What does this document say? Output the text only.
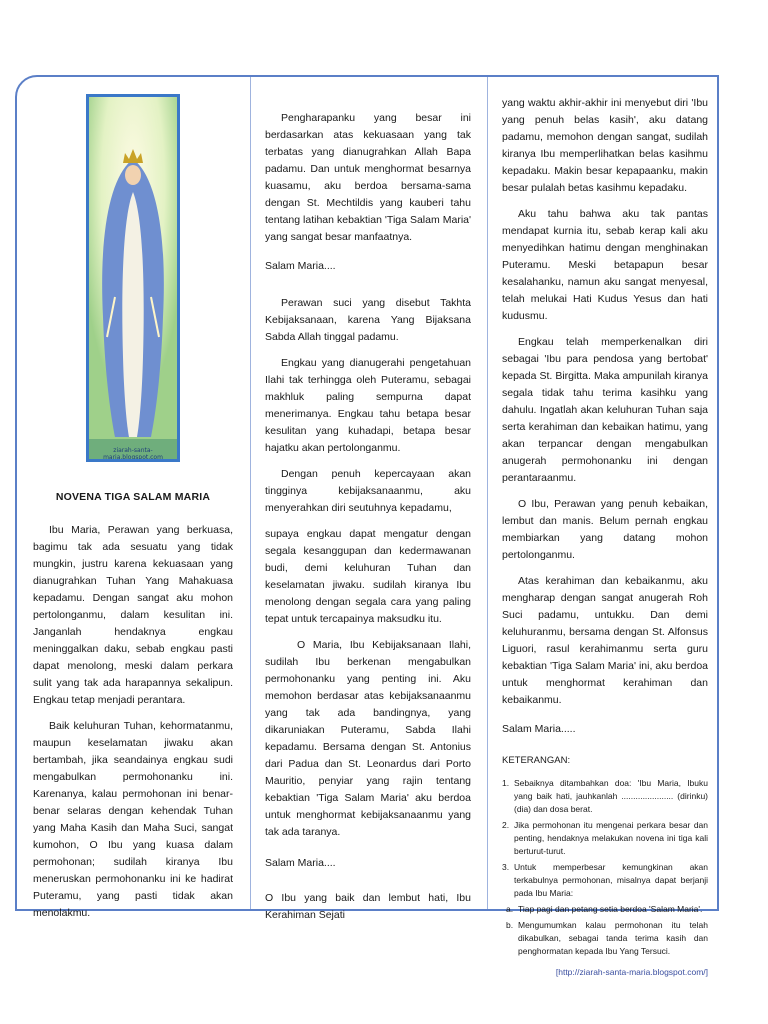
ziarah-santa-maria.blogspot.com
NOVENA TIGA SALAM MARIA

Ibu Maria, Perawan yang berkuasa, bagimu tak ada sesuatu yang tidak mungkin, justru karena kekuasaan yang dianugrahkan Tuhan Yang Mahakuasa kepadamu. Dengan sangat aku mohon pertolonganmu, dalam kesulitan ini. Janganlah hendaknya engkau meninggalkan daku, sebab engkau pasti dapat menolong, meski dalam perkara sulit yang tak ada harapannya sekalipun. Engkau tetap menjadi perantara.

Baik keluhuran Tuhan, kehormatanmu, maupun keselamatan jiwaku akan bertambah, jika seandainya engkau sudi mengabulkan permohonanku ini. Karenanya, kalau permohonan ini benar-benar selaras dengan kehendak Tuhan yang Maha Kasih dan Maha Suci, sangat kumohon, O Ibu yang kuasa dalam permohonan; sudilah kiranya Ibu meneruskan permohonanku ini ke hadirat Puteramu, yang pasti tidak akan menolakmu.

Pengharapanku yang besar ini berdasarkan atas kekuasaan yang tak terbatas yang dianugrahkan Allah Bapa padamu. Dan untuk menghormat besarnya kuasamu, aku berdoa bersama-sama dengan St. Mechtildis yang kauberi tahu tentang latihan kebaktian 'Tiga Salam Maria' yang sangat besar manfaatnya.

Salam Maria....

Perawan suci yang disebut Takhta Kebijaksanaan, karena Yang Bijaksana Sabda Allah tinggal padamu.

Engkau yang dianugerahi pengetahuan Ilahi tak terhingga oleh Puteramu, sebagai makhluk paling sempurna dapat menerimanya. Engkau tahu betapa besar kesulitan yang kuhadapi, betapa besar hajatku akan pertolonganmu.

Dengan penuh kepercayaan akan tingginya kebijaksanaanmu, aku menyerahkan diri seutuhnya kepadamu,

supaya engkau dapat mengatur dengan segala kesanggupan dan kedermawanan budi, demi keluhuran Tuhan dan keselamatan jiwaku. sudilah kiranya Ibu menolong dengan segala cara yang paling tepat untuk tercapainya maksudku itu.

O Maria, Ibu Kebijaksanaan Ilahi, sudilah Ibu berkenan mengabulkan permohonanku yang penting ini. Aku memohon berdasar atas kebijaksanaanmu yang tak ada bandingnya, yang dikaruniakan Puteramu, Sabda Ilahi kepadamu. Bersama dengan St. Antonius dari Padua dan St. Leonardus dari Porto Mauritio, penyiar yang rajin tentang kebaktian 'Tiga Salam Maria' aku berdoa untuk menghormat kebijaksanaanmu yang tak ada taranya.

Salam Maria....

O Ibu yang baik dan lembut hati, Ibu Kerahiman Sejati

yang waktu akhir-akhir ini menyebut diri 'Ibu yang penuh belas kasih', aku datang padamu, memohon dengan sangat, sudilah kiranya Ibu memperlihatkan belas kasihmu kepadaku. Makin besar kepapaanku, makin besar pulalah betas kasihmu kepadaku.

Aku tahu bahwa aku tak pantas mendapat kurnia itu, sebab kerap kali aku menyedihkan hatimu dengan menghinakan Puteramu. Meski betapapun besar kesalahanku, namun aku sangat menyesal, telah melukai Hati Kudus Yesus dan hati kudusmu.

Engkau telah memperkenalkan diri sebagai 'Ibu para pendosa yang bertobat' kepada St. Birgitta. Maka ampunilah kiranya segala tidak tahu terima kasihku yang dahulu. Ingatlah akan keluhuran Tuhan saja serta kerahiman dan kebaikan hatimu, yang akan terpancar dengan mengabulkan anugerah permohonanku ini dengan perantaraanmu.

O Ibu, Perawan yang penuh kebaikan, lembut dan manis. Belum pernah engkau membiarkan yang datang mohon pertolonganmu.

Atas kerahiman dan kebaikanmu, aku mengharap dengan sangat anugerah Roh Suci padamu, untukku. Dan demi keluhuranmu, bersama dengan St. Alfonsus Liguori, rasul kerahimanmu serta guru kebaktian 'Tiga Salam Maria' ini, aku berdoa untuk menghormat kerahiman dan kebaikanmu.

Salam Maria.....

KETERANGAN:
1. Sebaiknya ditambahkan doa: 'Ibu Maria, Ibuku yang baik hati, jauhkanlah ...................... (dirinku) (dia) dan dosa berat.
2. Jika permohonan itu mengenai perkara besar dan penting, hendaknya melakukan novena ini tiga kali berturut-turut.
3. Untuk memperbesar kemungkinan akan terkabulnya permohonan, misalnya dapat berjanji pada Ibu Maria:
a. Tiap pagi dan petang setia berdoa 'Salam Maria'.
b. Mengumumkan kalau permohonan itu telah dikabulkan, sebagai tanda terima kasih dan penghormatan kepada Ibu Yang Tersuci.
[http://ziarah-santa-maria.blogspot.com/]
